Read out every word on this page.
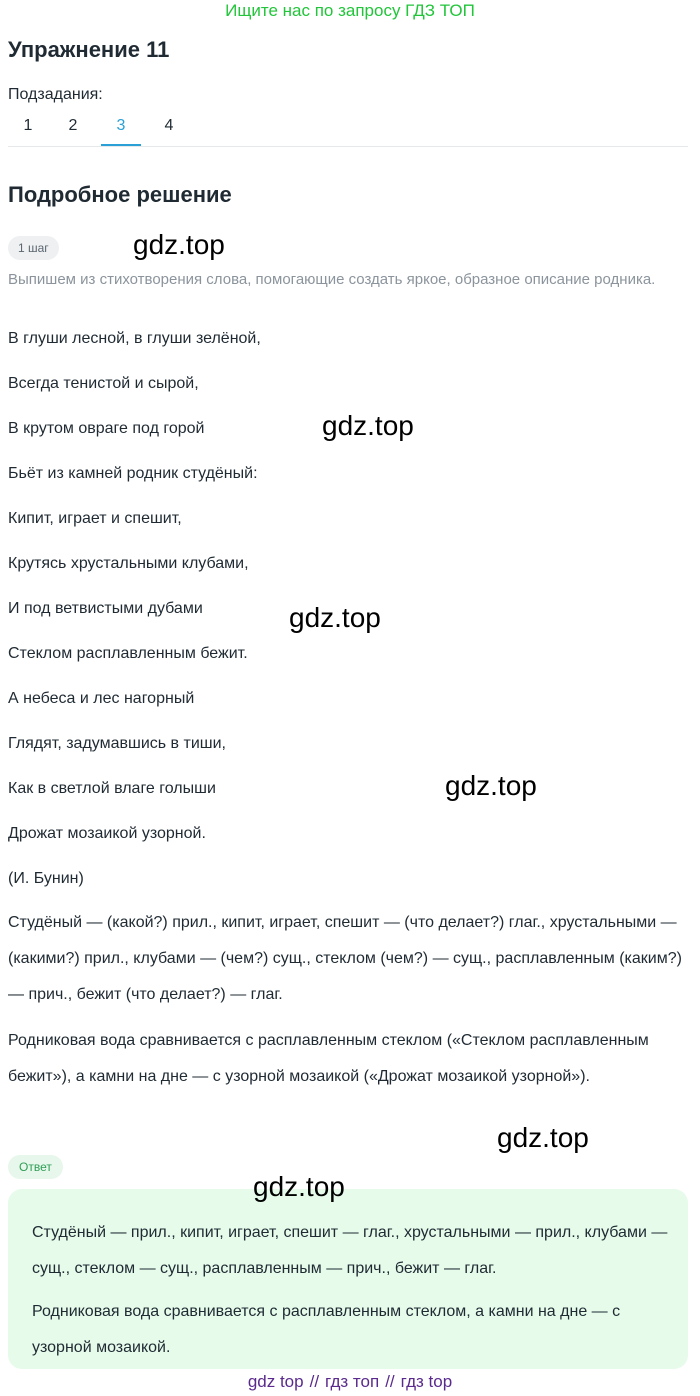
Ищите нас по запросу ГДЗ ТОП
Упражнение 11
Подзадания:
1	2	3	4
Подробное решение
1 шаг
Выпишем из стихотворения слова, помогающие создать яркое, образное описание родника.
В глуши лесной, в глуши зелёной,
Всегда тенистой и сырой,
В крутом овраге под горой
Бьёт из камней родник студёный:
Кипит, играет и спешит,
Крутясь хрустальными клубами,
И под ветвистыми дубами
Стеклом расплавленным бежит.
А небеса и лес нагорный
Глядят, задумавшись в тиши,
Как в светлой влаге голыши
Дрожат мозаикой узорной.
(И. Бунин)

Студёный — (какой?) прил., кипит, играет, спешит — (что делает?) глаг., хрустальными — (какими?) прил., клубами — (чем?) сущ., стеклом (чем?) — сущ., расплавленным (каким?) — прич., бежит (что делает?) — глаг.

Родниковая вода сравнивается с расплавленным стеклом («Стеклом расплавленным бежит»), а камни на дне — с узорной мозаикой («Дрожат мозаикой узорной»).

gdz.top
gdz.top
gdz.top
gdz.top
gdz.top
Ответ

Студёный — прил., кипит, играет, спешит — глаг., хрустальными — прил., клубами — сущ., стеклом — сущ., расплавленным — прич., бежит — глаг.

Родниковая вода сравнивается с расплавленным стеклом, а камни на дне — с узорной мозаикой.

gdz.top
gdz top // гдз топ // гдз top
